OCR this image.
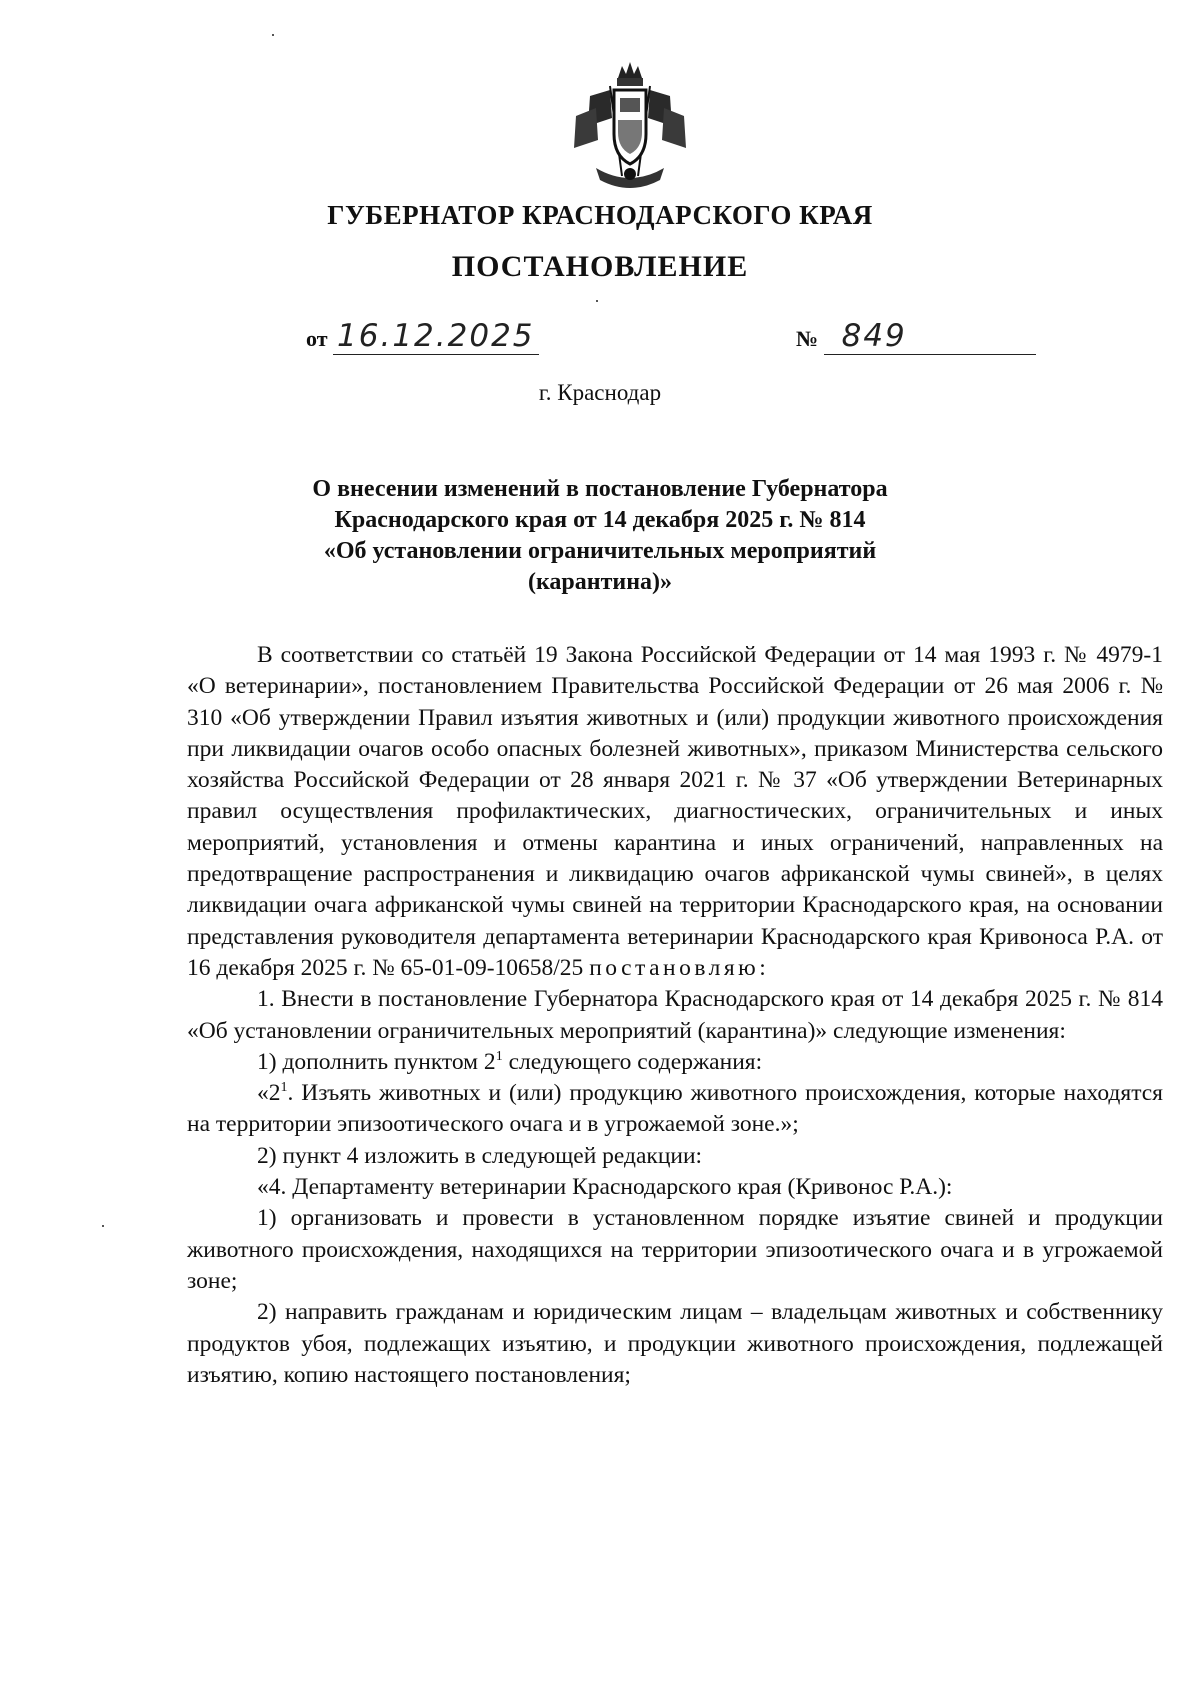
ГУБЕРНАТОР КРАСНОДАРСКОГО КРАЯ
ПОСТАНОВЛЕНИЕ
от 16.12.2025	№ 849
г. Краснодар
О внесении изменений в постановление Губернатора
Краснодарского края от 14 декабря 2025 г. № 814
«Об установлении ограничительных мероприятий
(карантина)»

В соответствии со статьёй 19 Закона Российской Федерации от 14 мая 1993 г. № 4979-1 «О ветеринарии», постановлением Правительства Российской Федерации от 26 мая 2006 г. № 310 «Об утверждении Правил изъятия животных и (или) продукции животного происхождения при ликвидации очагов особо опасных болезней животных», приказом Министерства сельского хозяйства Российской Федерации от 28 января 2021 г. № 37 «Об утверждении Ветеринарных правил осуществления профилактических, диагностических, ограничительных и иных мероприятий, установления и отмены карантина и иных ограничений, направленных на предотвращение распространения и ликвидацию очагов африканской чумы свиней», в целях ликвидации очага африканской чумы свиней на территории Краснодарского края, на основании представления руководителя департамента ветеринарии Краснодарского края Кривоноса Р.А. от 16 декабря 2025 г. № 65-01-09-10658/25 постановляю:

1. Внести в постановление Губернатора Краснодарского края от 14 декабря 2025 г. № 814 «Об установлении ограничительных мероприятий (карантина)» следующие изменения:

1) дополнить пунктом $2^1$ следующего содержания:

«$2^1$. Изъять животных и (или) продукцию животного происхождения, которые находятся на территории эпизоотического очага и в угрожаемой зоне.»;

2) пункт 4 изложить в следующей редакции:

«4. Департаменту ветеринарии Краснодарского края (Кривонос Р.А.):

1) организовать и провести в установленном порядке изъятие свиней и продукции животного происхождения, находящихся на территории эпизоотического очага и в угрожаемой зоне;

2) направить гражданам и юридическим лицам – владельцам животных и собственнику продуктов убоя, подлежащих изъятию, и продукции животного происхождения, подлежащей изъятию, копию настоящего постановления;
